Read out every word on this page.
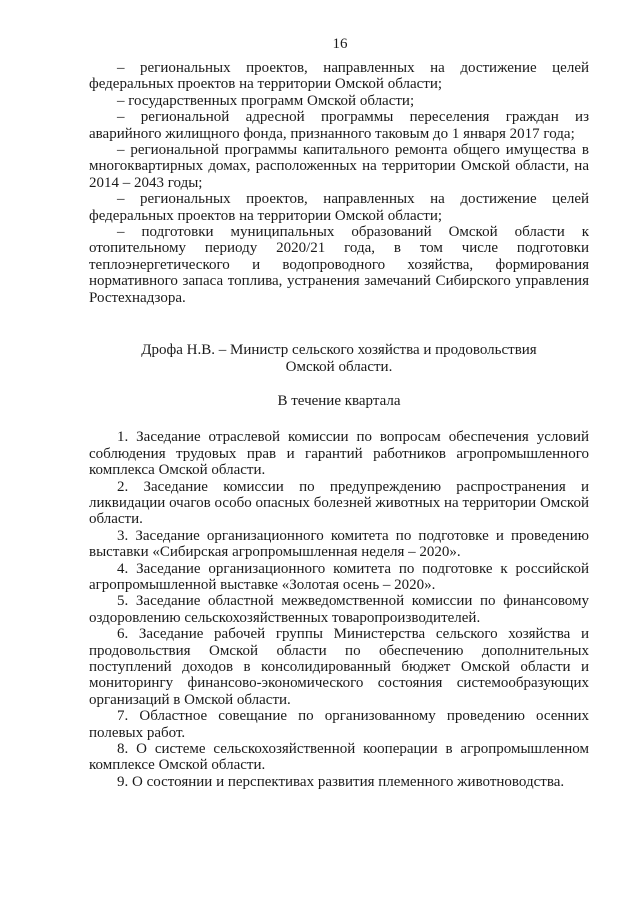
16

– региональных проектов, направленных на достижение целей федеральных проектов на территории Омской области;

– государственных программ Омской области;

– региональной адресной программы переселения граждан из аварийного жилищного фонда, признанного таковым до 1 января 2017 года;

– региональной программы капитального ремонта общего имущества в многоквартирных домах, расположенных на территории Омской области, на 2014 – 2043 годы;

– региональных проектов, направленных на достижение целей федеральных проектов на территории Омской области;

– подготовки муниципальных образований Омской области к отопительному периоду 2020/21 года, в том числе подготовки теплоэнергетического и водопроводного хозяйства, формирования нормативного запаса топлива, устранения замечаний Сибирского управления Ростехнадзора.

Дрофа Н.В. – Министр сельского хозяйства и продовольствия

Омской области.

В течение квартала

1. Заседание отраслевой комиссии по вопросам обеспечения условий соблюдения трудовых прав и гарантий работников агропромышленного комплекса Омской области.

2. Заседание комиссии по предупреждению распространения и ликвидации очагов особо опасных болезней животных на территории Омской области.

3. Заседание организационного комитета по подготовке и проведению выставки «Сибирская агропромышленная неделя – 2020».

4. Заседание организационного комитета по подготовке к российской агропромышленной выставке «Золотая осень – 2020».

5. Заседание областной межведомственной комиссии по финансовому оздоровлению сельскохозяйственных товаропроизводителей.

6. Заседание рабочей группы Министерства сельского хозяйства и продовольствия Омской области по обеспечению дополнительных поступлений доходов в консолидированный бюджет Омской области и мониторингу финансово-экономического состояния системообразующих организаций в Омской области.

7. Областное совещание по организованному проведению осенних полевых работ.

8. О системе сельскохозяйственной кооперации в агропромышленном комплексе Омской области.

9. О состоянии и перспективах развития племенного животноводства.
